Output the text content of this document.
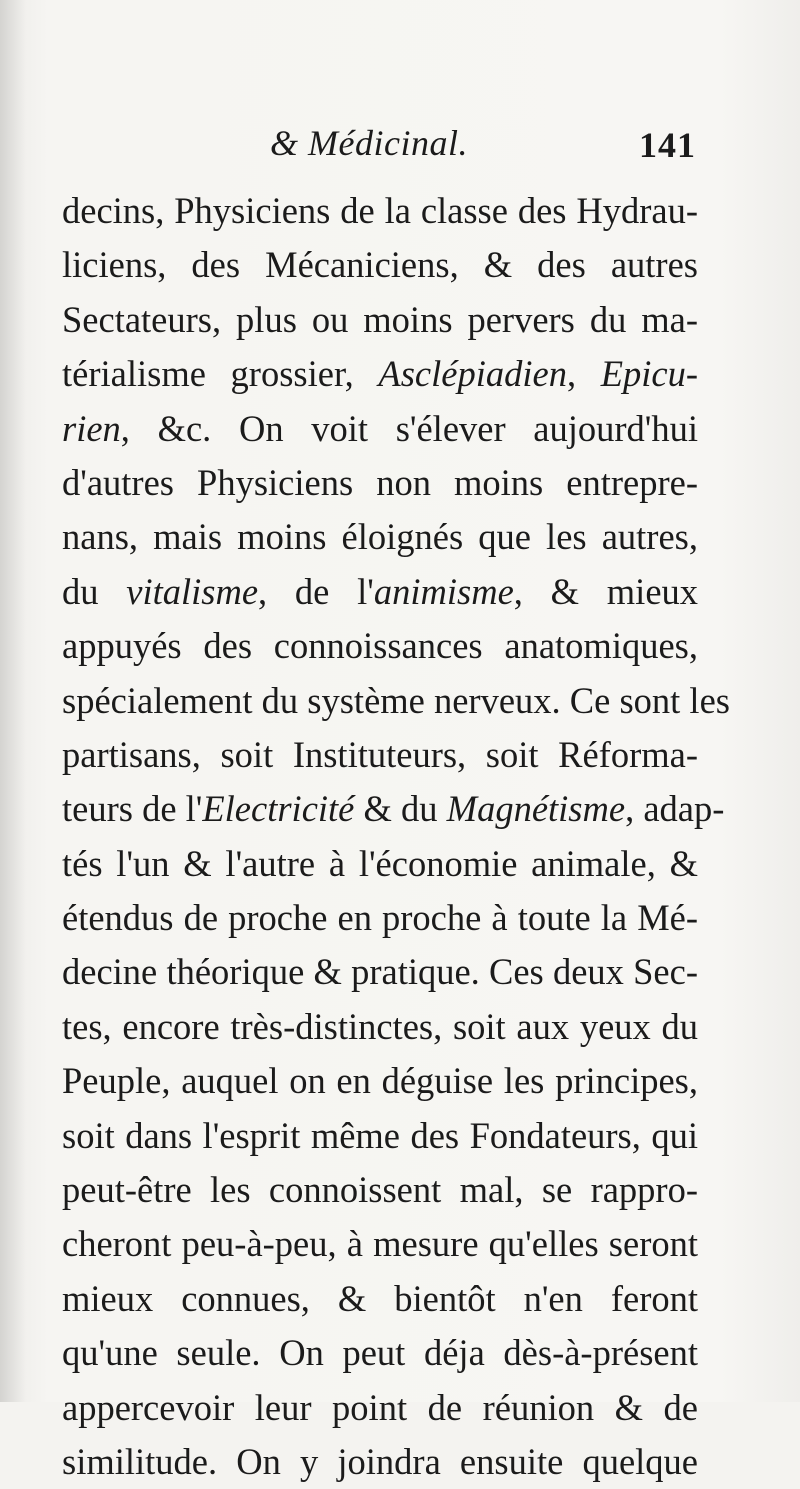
& Médicinal.	141
decins, Physiciens de la classe des Hydrau-
liciens, des Mécaniciens, & des autres
Sectateurs, plus ou moins pervers du ma-
térialisme grossier, Asclépiadien, Epicu-
rien, &c. On voit s'élever aujourd'hui
d'autres Physiciens non moins entrepre-
nans, mais moins éloignés que les autres,
du vitalisme, de l'animisme, & mieux
appuyés des connoissances anatomiques,
spécialement du système nerveux. Ce sont les
partisans, soit Instituteurs, soit Réforma-
teurs de l'Electricité & du Magnétisme, adap-
tés l'un & l'autre à l'économie animale, &
étendus de proche en proche à toute la Mé-
decine théorique & pratique. Ces deux Sec-
tes, encore très-distinctes, soit aux yeux du
Peuple, auquel on en déguise les principes,
soit dans l'esprit même des Fondateurs, qui
peut-être les connoissent mal, se rappro-
cheront peu-à-peu, à mesure qu'elles seront
mieux connues, & bientôt n'en feront
qu'une seule. On peut déja dès-à-présent
appercevoir leur point de réunion & de
similitude. On y joindra ensuite quelque
